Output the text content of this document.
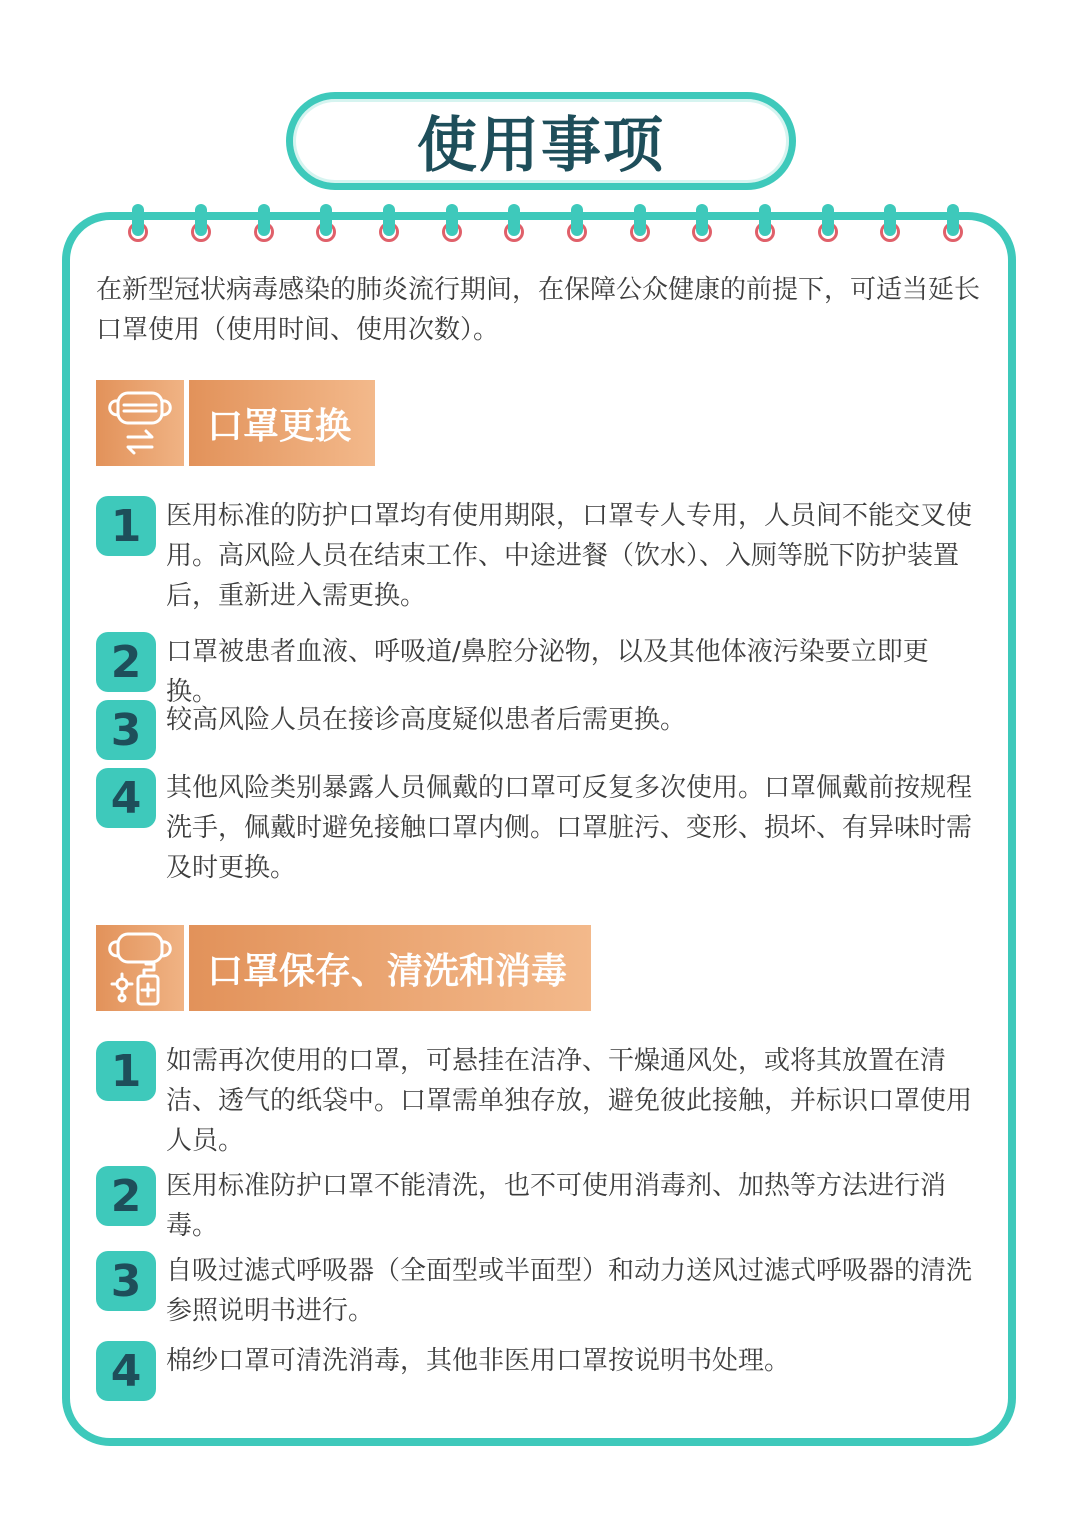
使用事项
在新型冠状病毒感染的肺炎流行期间，在保障公众健康的前提下，可适当延长口罩使用（使用时间、使用次数）。
口罩更换
1 医用标准的防护口罩均有使用期限，口罩专人专用，人员间不能交叉使用。高风险人员在结束工作、中途进餐（饮水）、入厕等脱下防护装置后，重新进入需更换。
2 口罩被患者血液、呼吸道/鼻腔分泌物，以及其他体液污染要立即更换。
3 较高风险人员在接诊高度疑似患者后需更换。
4 其他风险类别暴露人员佩戴的口罩可反复多次使用。口罩佩戴前按规程洗手，佩戴时避免接触口罩内侧。口罩脏污、变形、损坏、有异味时需及时更换。
口罩保存、清洗和消毒
1 如需再次使用的口罩，可悬挂在洁净、干燥通风处，或将其放置在清洁、透气的纸袋中。口罩需单独存放，避免彼此接触，并标识口罩使用人员。
2 医用标准防护口罩不能清洗，也不可使用消毒剂、加热等方法进行消毒。
3 自吸过滤式呼吸器（全面型或半面型）和动力送风过滤式呼吸器的清洗参照说明书进行。
4 棉纱口罩可清洗消毒，其他非医用口罩按说明书处理。
